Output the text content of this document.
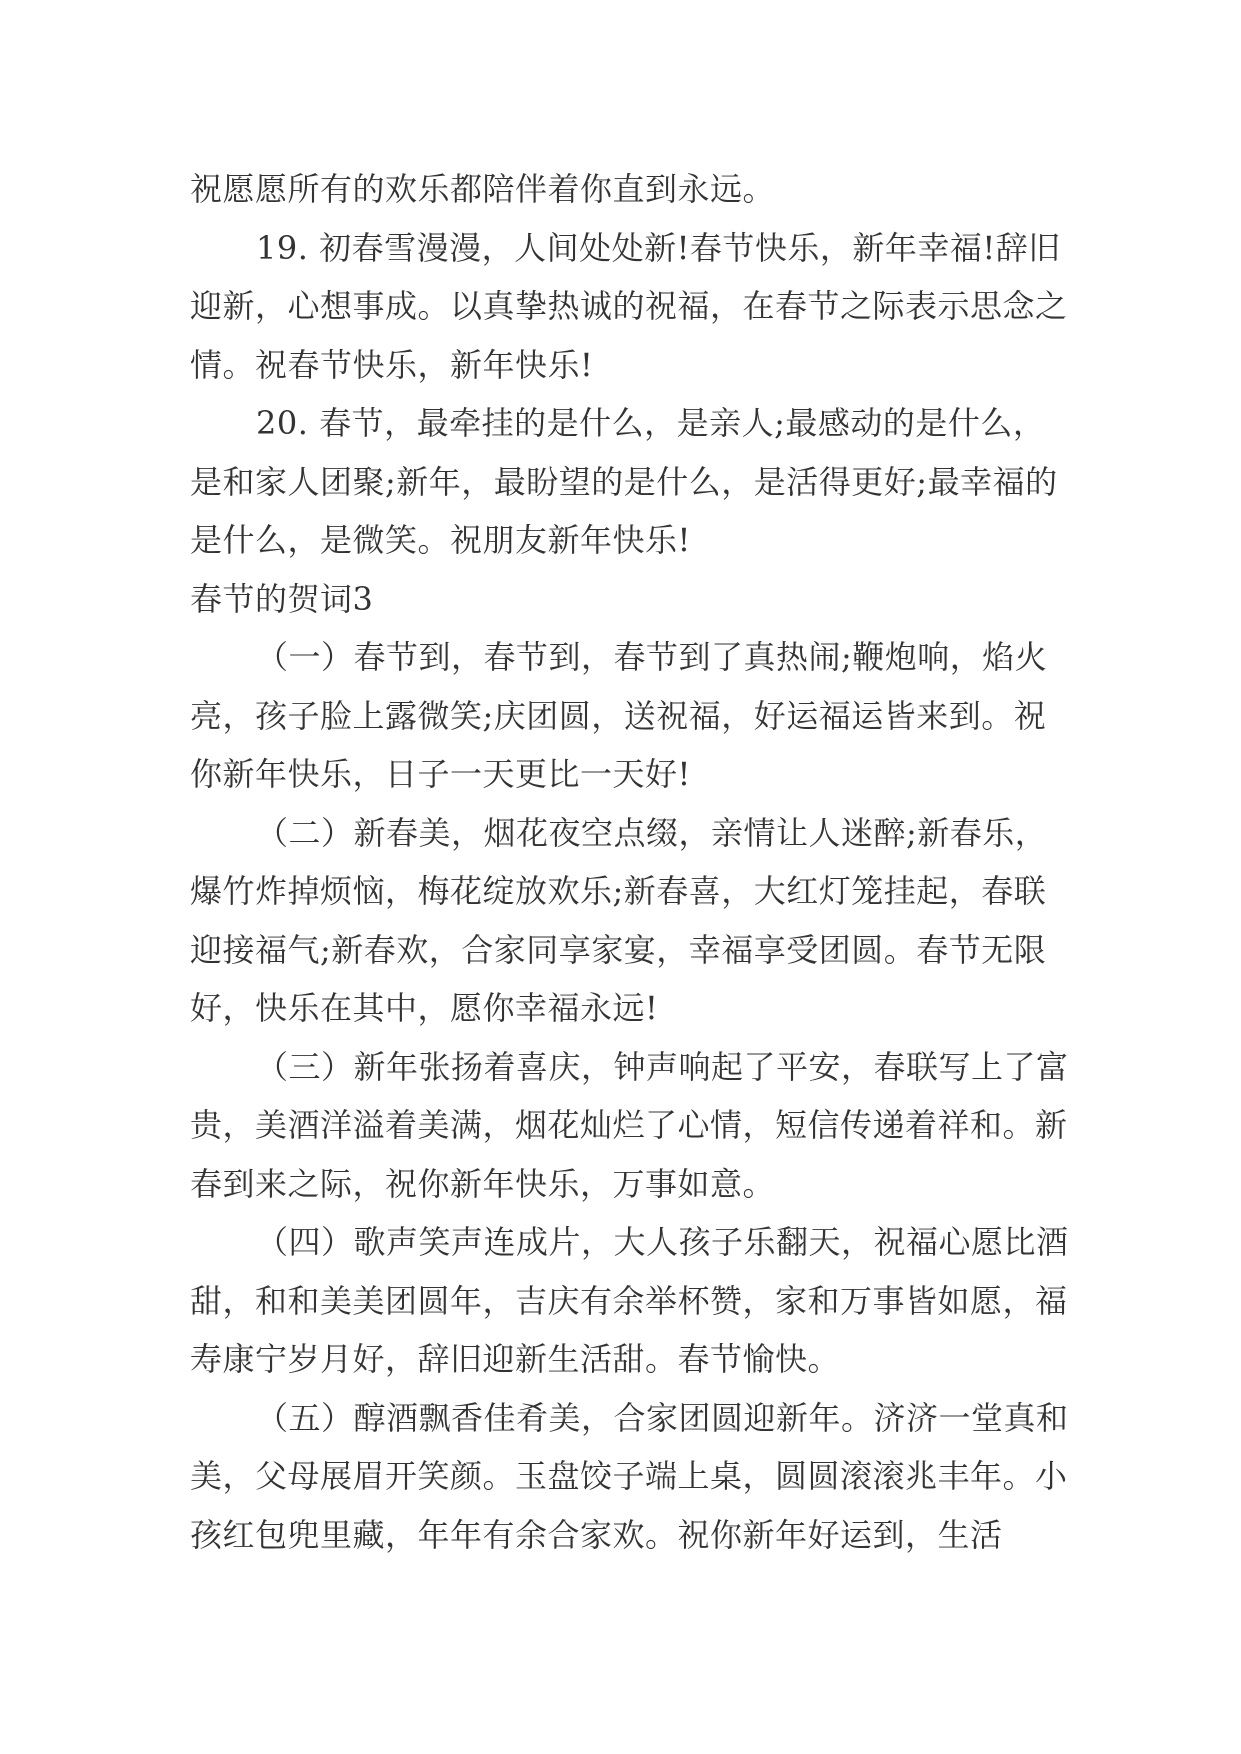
祝愿愿所有的欢乐都陪伴着你直到永远。

19. 初春雪漫漫，人间处处新!春节快乐，新年幸福!辞旧迎新，心想事成。以真挚热诚的祝福，在春节之际表示思念之情。祝春节快乐，新年快乐!

20. 春节，最牵挂的是什么，是亲人;最感动的是什么，是和家人团聚;新年，最盼望的是什么，是活得更好;最幸福的是什么，是微笑。祝朋友新年快乐!

春节的贺词3

（一）春节到，春节到，春节到了真热闹;鞭炮响，焰火亮，孩子脸上露微笑;庆团圆，送祝福，好运福运皆来到。祝你新年快乐，日子一天更比一天好!

（二）新春美，烟花夜空点缀，亲情让人迷醉;新春乐，爆竹炸掉烦恼，梅花绽放欢乐;新春喜，大红灯笼挂起，春联迎接福气;新春欢，合家同享家宴，幸福享受团圆。春节无限好，快乐在其中，愿你幸福永远!

（三）新年张扬着喜庆，钟声响起了平安，春联写上了富贵，美酒洋溢着美满，烟花灿烂了心情，短信传递着祥和。新春到来之际，祝你新年快乐，万事如意。

（四）歌声笑声连成片，大人孩子乐翻天，祝福心愿比酒甜，和和美美团圆年，吉庆有余举杯赞，家和万事皆如愿，福寿康宁岁月好，辞旧迎新生活甜。春节愉快。

（五）醇酒飘香佳肴美，合家团圆迎新年。济济一堂真和美，父母展眉开笑颜。玉盘饺子端上桌，圆圆滚滚兆丰年。小孩红包兜里藏，年年有余合家欢。祝你新年好运到，生活
